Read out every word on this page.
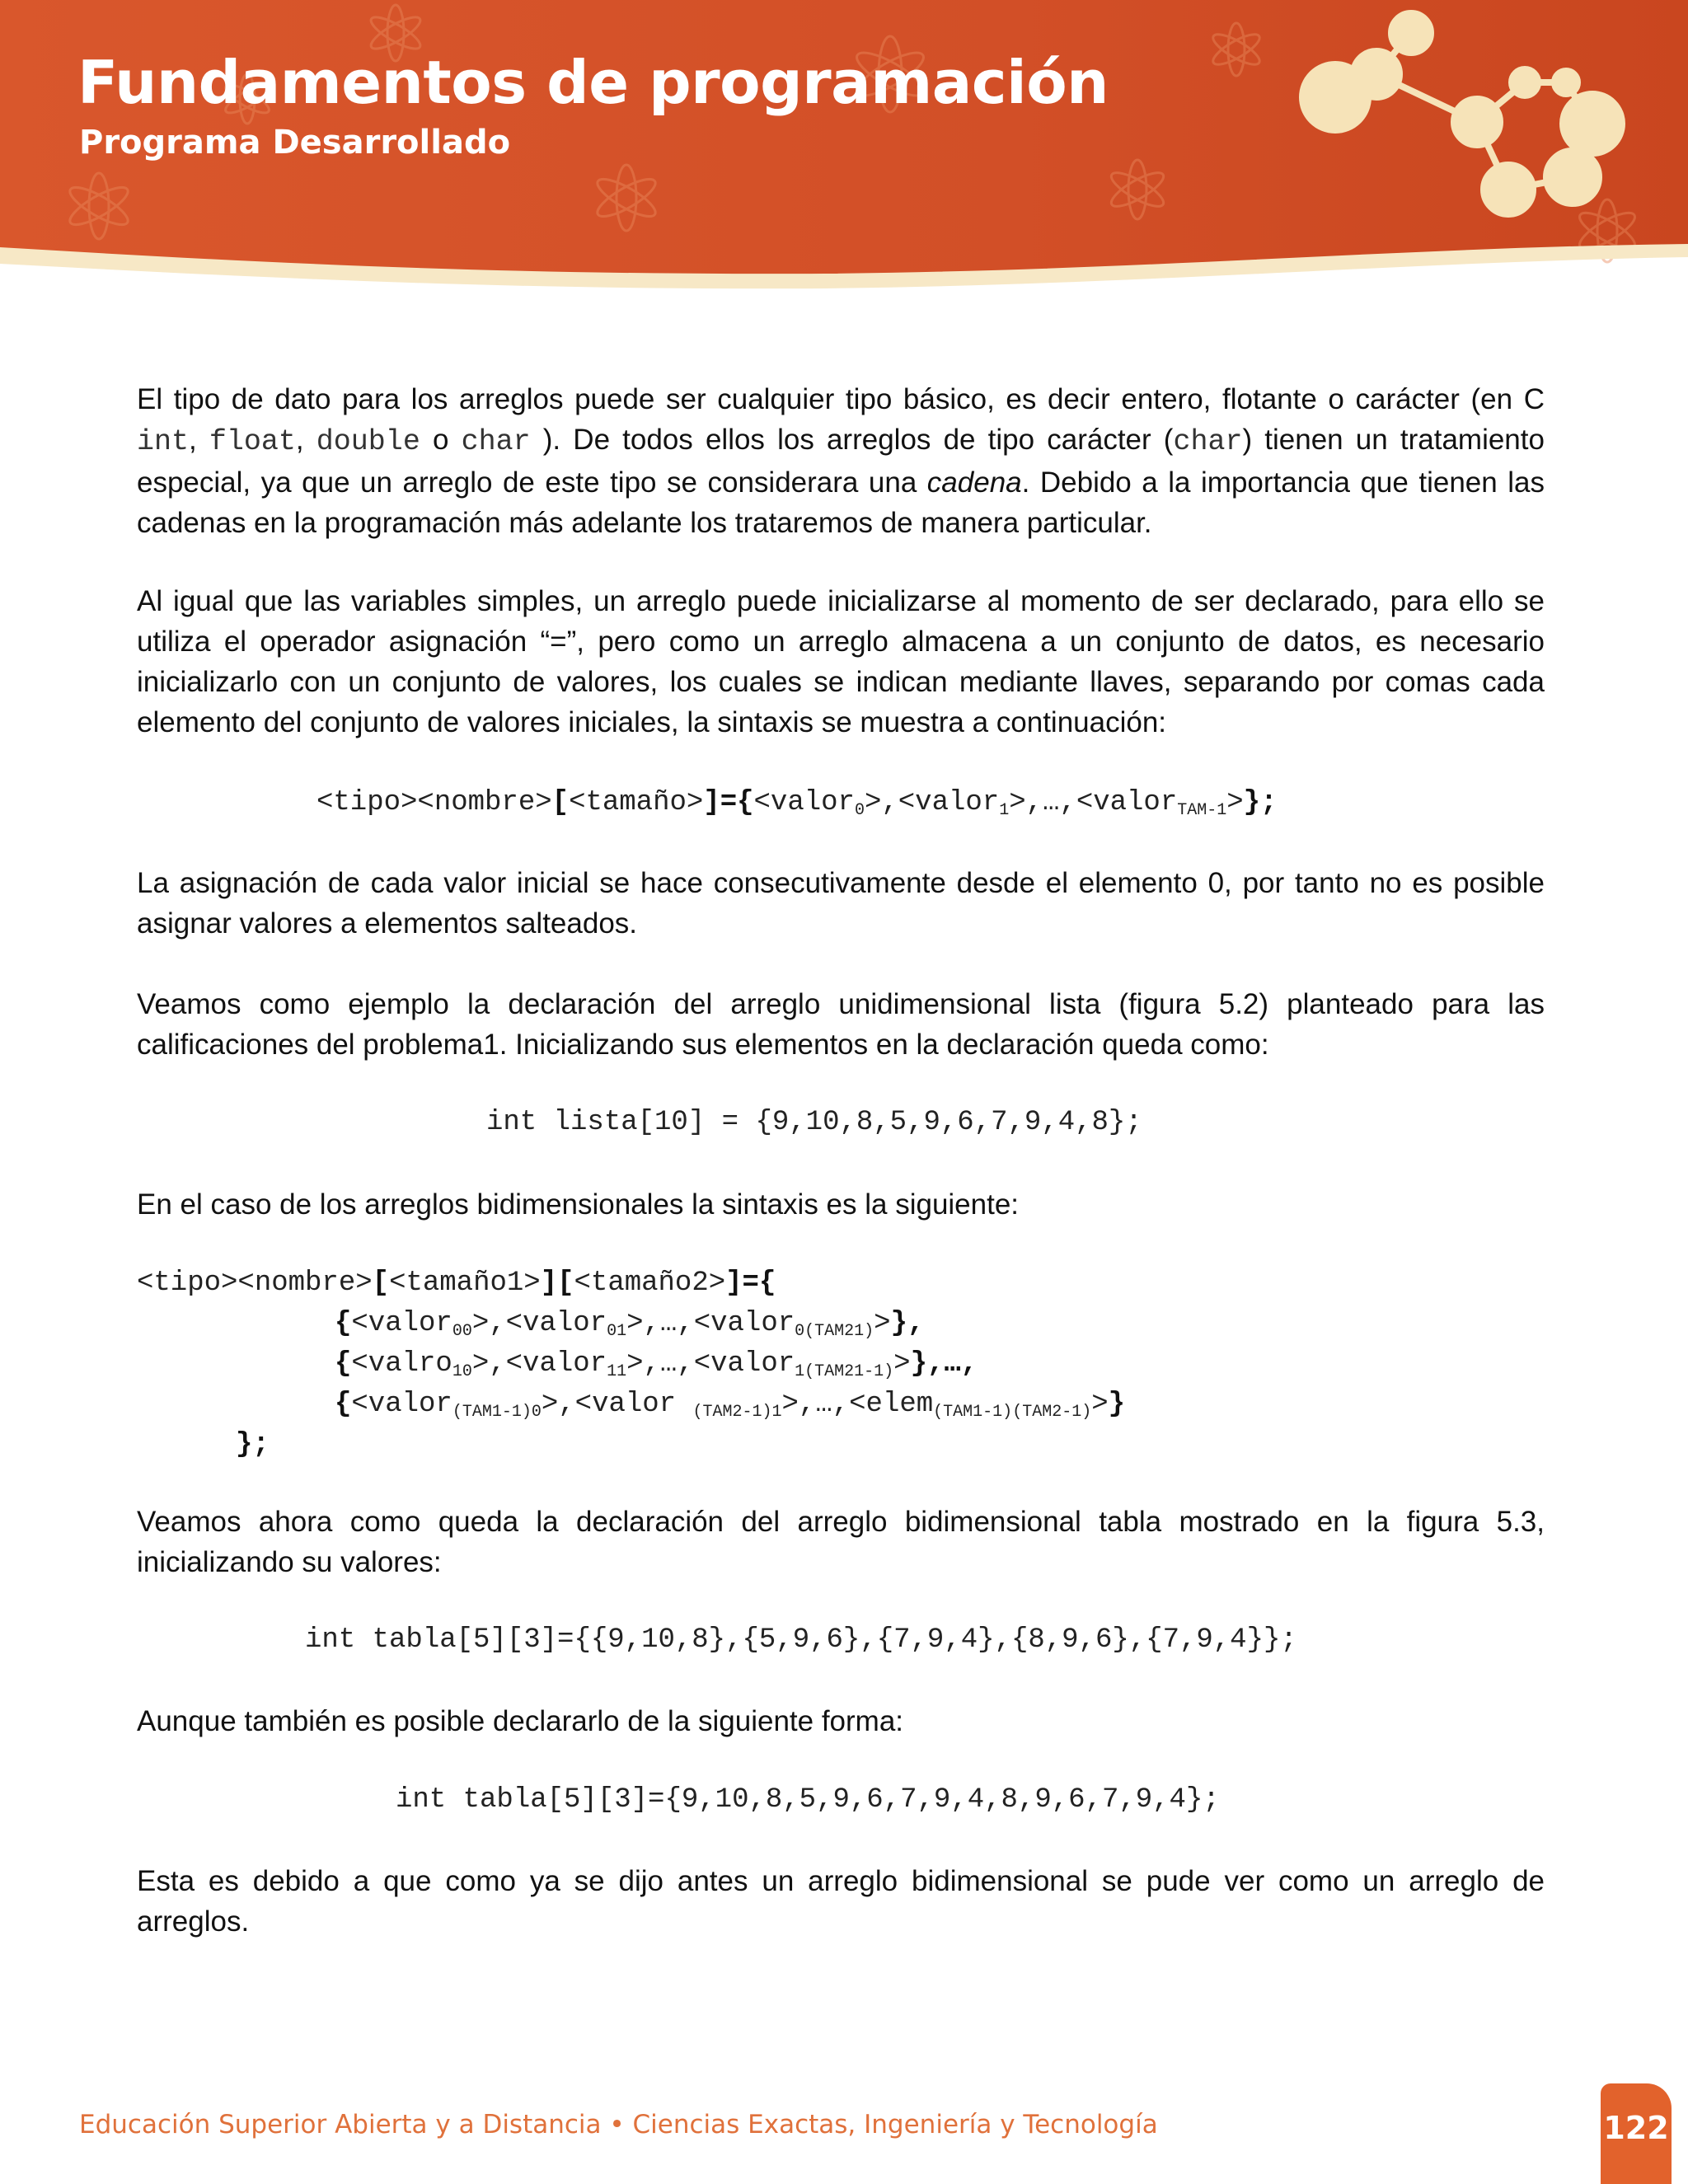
Fundamentos de programación
Programa Desarrollado

El tipo de dato para los arreglos puede ser cualquier tipo básico, es decir entero, flotante o carácter (en C int, float, double o char ). De todos ellos los arreglos de tipo carácter (char) tienen un tratamiento especial, ya que un arreglo de este tipo se considerara una cadena. Debido a la importancia que tienen las cadenas en la programación más adelante los trataremos de manera particular.

Al igual que las variables simples, un arreglo puede inicializarse al momento de ser declarado, para ello se utiliza el operador asignación “=”, pero como un arreglo almacena a un conjunto de datos, es necesario inicializarlo con un conjunto de valores, los cuales se indican mediante llaves, separando por comas cada elemento del conjunto de valores iniciales, la sintaxis se muestra a continuación:

<tipo><nombre>[<tamaño>]={<valor$_0$>,<valor$_1$>,…,<valor$_{TAM-1}$>};

La asignación de cada valor inicial se hace consecutivamente desde el elemento 0, por tanto no es posible asignar valores a elementos salteados.

Veamos como ejemplo la declaración del arreglo unidimensional lista (figura 5.2) planteado para las calificaciones del problema1. Inicializando sus elementos en la declaración queda como:

int lista[10] = {9,10,8,5,9,6,7,9,4,8};

En el caso de los arreglos bidimensionales la sintaxis es la siguiente:

<tipo><nombre>[<tamaño1>][<tamaño2>]={
{<valor$_{00}$>,<valor$_{01}$>,…,<valor$_{0(TAM21)}$>},
{<valro$_{10}$>,<valor$_{11}$>,…,<valor$_{1(TAM21-1)}$>},…,
{<valor$_{(TAM1-1)0}$>,<valor $_{(TAM2-1)1}$>,…,<elem$_{(TAM1-1)(TAM2-1)}$>}
};

Veamos ahora como queda la declaración del arreglo bidimensional tabla mostrado en la figura 5.3, inicializando su valores:

int tabla[5][3]={{9,10,8},{5,9,6},{7,9,4},{8,9,6},{7,9,4}};

Aunque también es posible declararlo de la siguiente forma:

int tabla[5][3]={9,10,8,5,9,6,7,9,4,8,9,6,7,9,4};

Esta es debido a que como ya se dijo antes un arreglo bidimensional se pude ver como un arreglo de arreglos.

Educación Superior Abierta y a Distancia • Ciencias Exactas, Ingeniería y Tecnología	122
